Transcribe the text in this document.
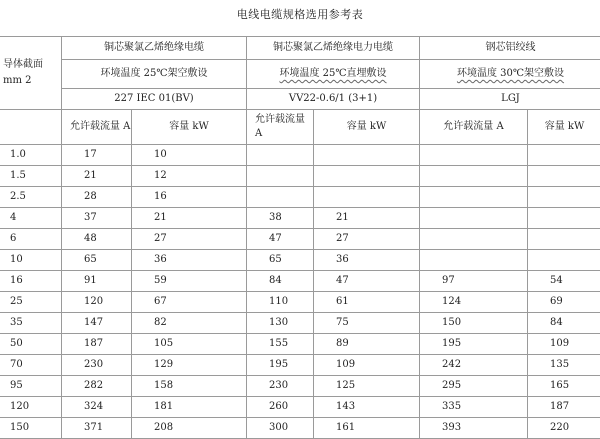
电线电缆规格选用参考表
导体截面
mm 2	铜芯聚氯乙烯绝缘电缆		铜芯聚氯乙烯绝缘电力电缆		钢芯铝绞线	
	环境温度 25℃架空敷设		环境温度 25℃直埋敷设		环境温度 30℃架空敷设	
	227 IEC 01(BV)		VV22-0.6/1 (3+1)		LGJ	
	允许载流量 A	容量 kW	允许载流量 A	容量 kW	允许载流量 A	容量 kW
1.0	17	10				
1.5	21	12				
2.5	28	16				
4	37	21	38	21		
6	48	27	47	27		
10	65	36	65	36		
16	91	59	84	47	97	54
25	120	67	110	61	124	69
35	147	82	130	75	150	84
50	187	105	155	89	195	109
70	230	129	195	109	242	135
95	282	158	230	125	295	165
120	324	181	260	143	335	187
150	371	208	300	161	393	220
